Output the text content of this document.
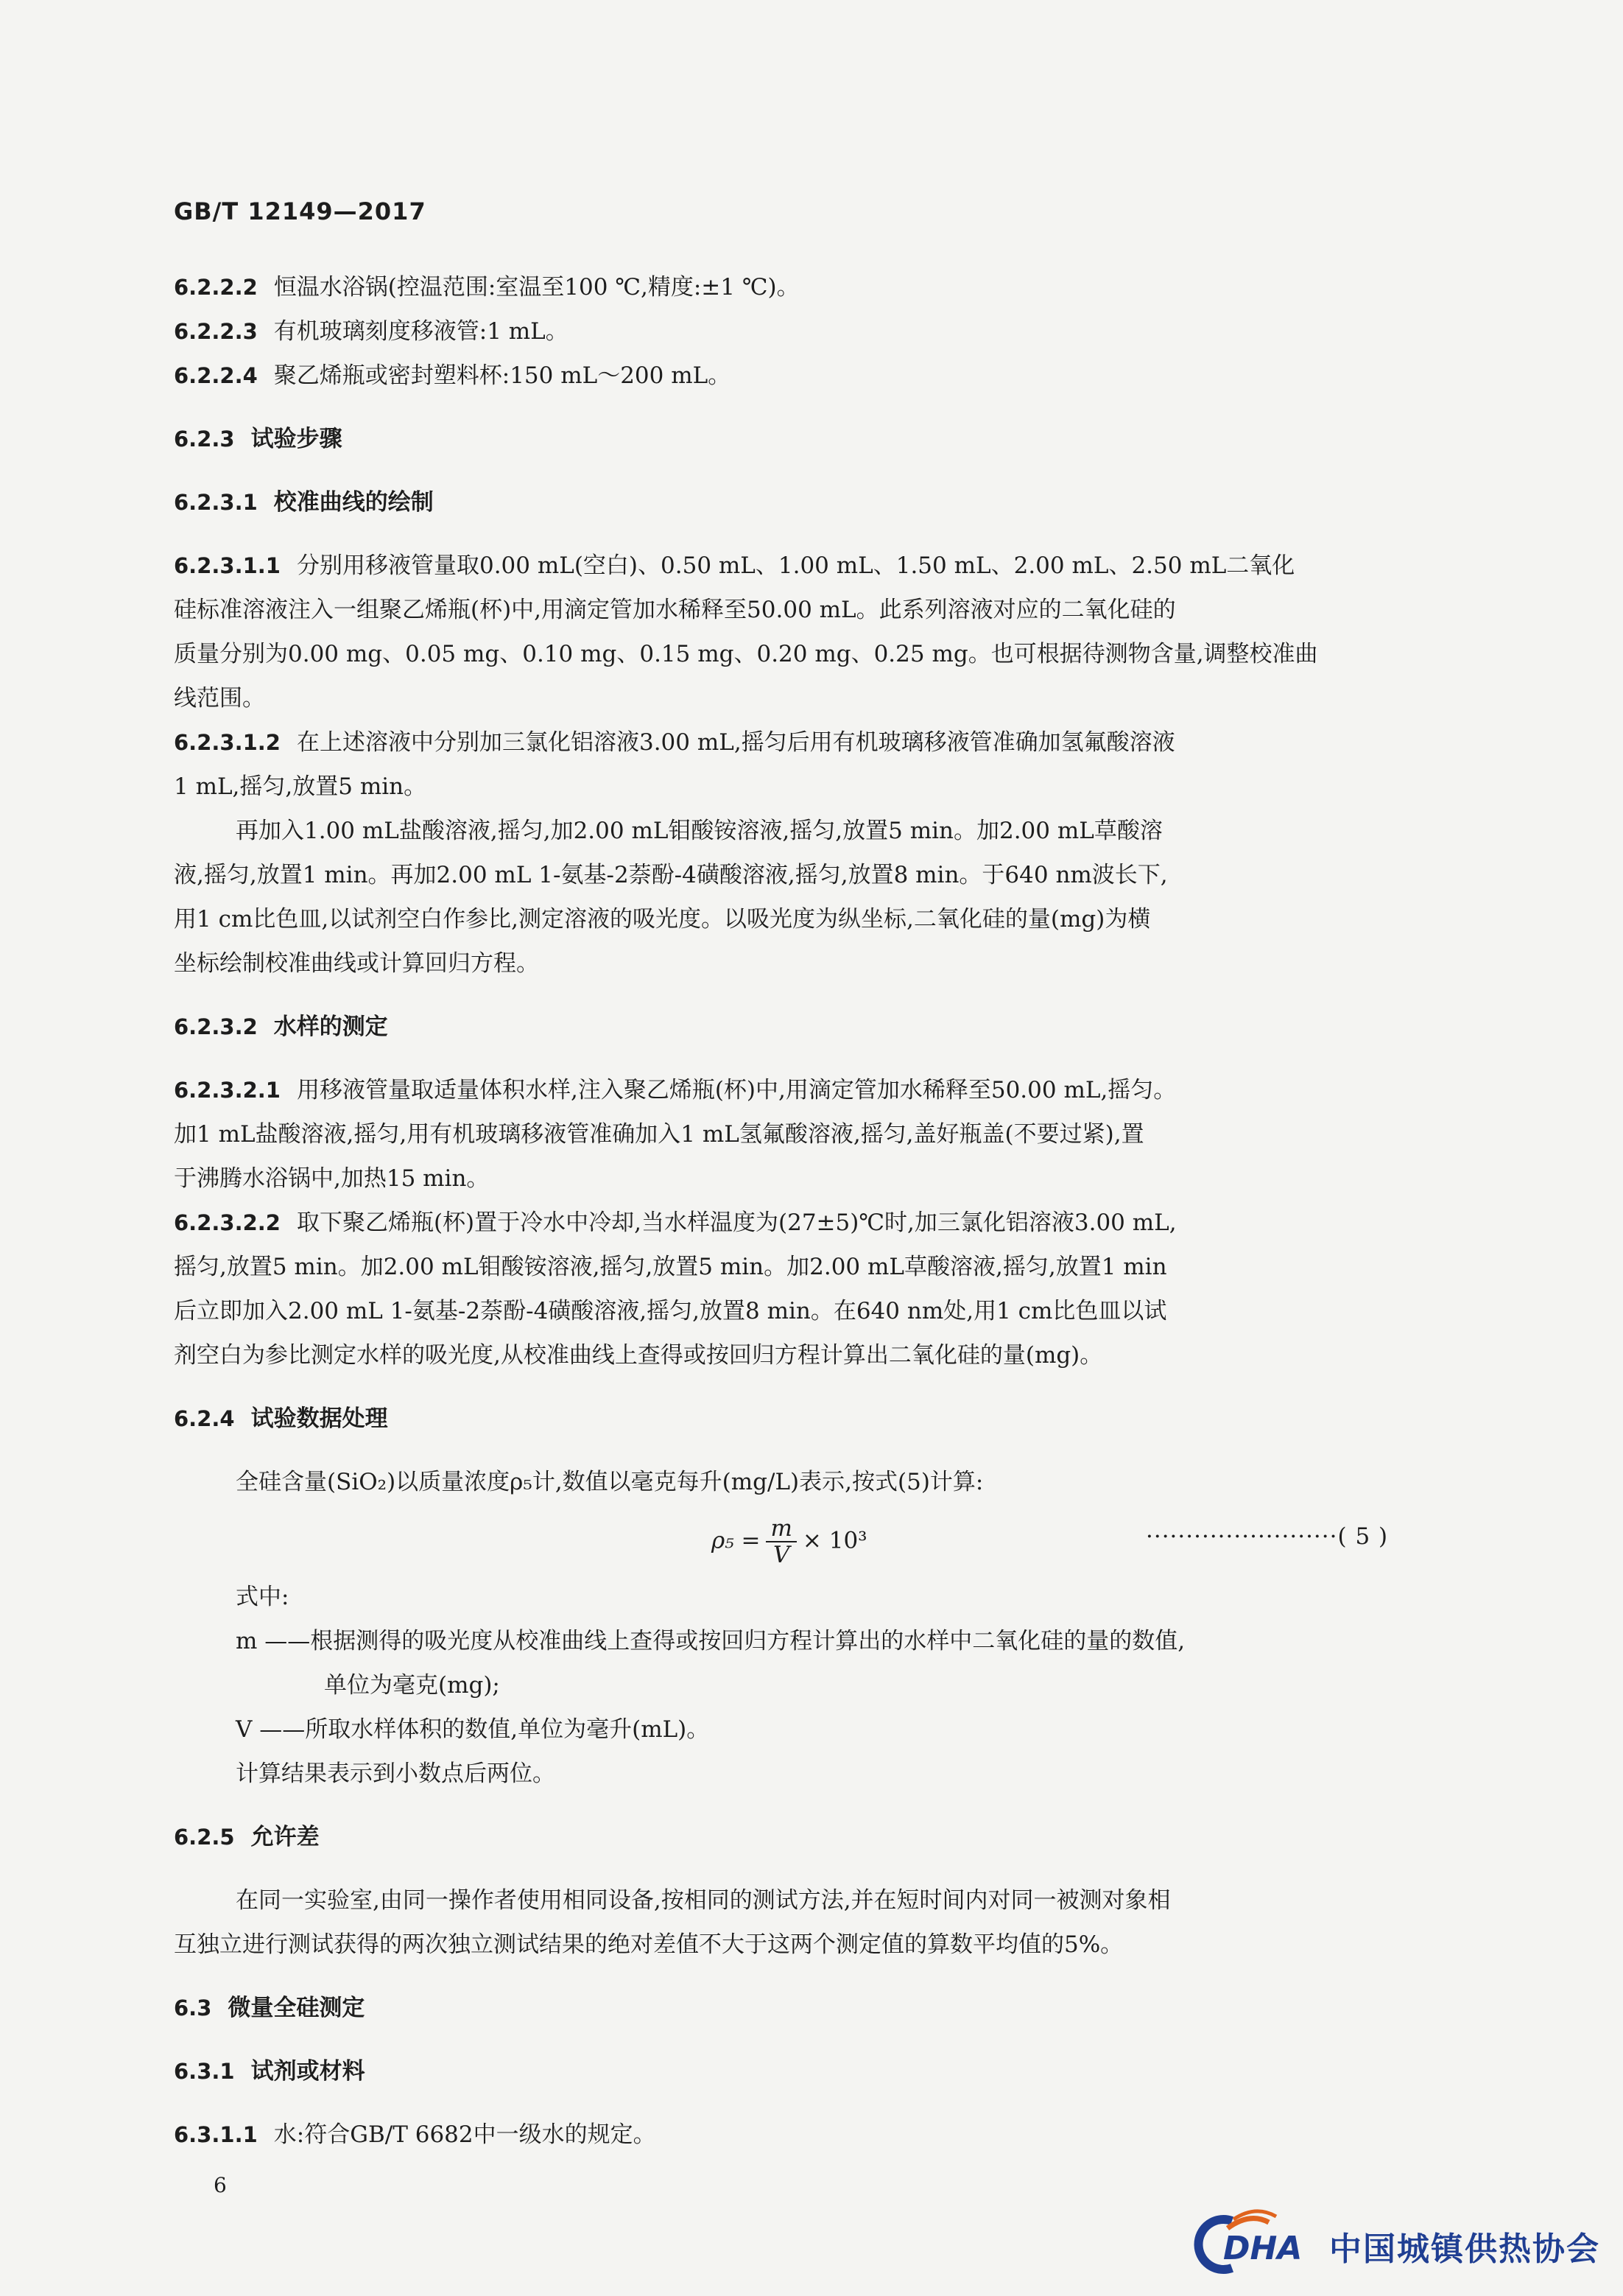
GB/T 12149—2017
6.2.2.2 恒温水浴锅(控温范围:室温至100 ℃,精度:±1 ℃)。
6.2.2.3 有机玻璃刻度移液管:1 mL。
6.2.2.4 聚乙烯瓶或密封塑料杯:150 mL～200 mL。
6.2.3 试验步骤
6.2.3.1 校准曲线的绘制
6.2.3.1.1 分别用移液管量取0.00 mL(空白)、0.50 mL、1.00 mL、1.50 mL、2.00 mL、2.50 mL二氧化
硅标准溶液注入一组聚乙烯瓶(杯)中,用滴定管加水稀释至50.00 mL。此系列溶液对应的二氧化硅的
质量分别为0.00 mg、0.05 mg、0.10 mg、0.15 mg、0.20 mg、0.25 mg。也可根据待测物含量,调整校准曲
线范围。
6.2.3.1.2 在上述溶液中分别加三氯化铝溶液3.00 mL,摇匀后用有机玻璃移液管准确加氢氟酸溶液
1 mL,摇匀,放置5 min。
再加入1.00 mL盐酸溶液,摇匀,加2.00 mL钼酸铵溶液,摇匀,放置5 min。加2.00 mL草酸溶
液,摇匀,放置1 min。再加2.00 mL 1-氨基-2萘酚-4磺酸溶液,摇匀,放置8 min。于640 nm波长下,
用1 cm比色皿,以试剂空白作参比,测定溶液的吸光度。以吸光度为纵坐标,二氧化硅的量(mg)为横
坐标绘制校准曲线或计算回归方程。
6.2.3.2 水样的测定
6.2.3.2.1 用移液管量取适量体积水样,注入聚乙烯瓶(杯)中,用滴定管加水稀释至50.00 mL,摇匀。
加1 mL盐酸溶液,摇匀,用有机玻璃移液管准确加入1 mL氢氟酸溶液,摇匀,盖好瓶盖(不要过紧),置
于沸腾水浴锅中,加热15 min。
6.2.3.2.2 取下聚乙烯瓶(杯)置于冷水中冷却,当水样温度为(27±5)℃时,加三氯化铝溶液3.00 mL,
摇匀,放置5 min。加2.00 mL钼酸铵溶液,摇匀,放置5 min。加2.00 mL草酸溶液,摇匀,放置1 min
后立即加入2.00 mL 1-氨基-2萘酚-4磺酸溶液,摇匀,放置8 min。在640 nm处,用1 cm比色皿以试
剂空白为参比测定水样的吸光度,从校准曲线上查得或按回归方程计算出二氧化硅的量(mg)。
6.2.4 试验数据处理
全硅含量(SiO₂)以质量浓度ρ₅计,数值以毫克每升(mg/L)表示,按式(5)计算:
$\rho_5 = \frac{m}{V} \times 10^3$	························( 5 )
式中:
m ——根据测得的吸光度从校准曲线上查得或按回归方程计算出的水样中二氧化硅的量的数值,
单位为毫克(mg);
V ——所取水样体积的数值,单位为毫升(mL)。
计算结果表示到小数点后两位。
6.2.5 允许差
在同一实验室,由同一操作者使用相同设备,按相同的测试方法,并在短时间内对同一被测对象相
互独立进行测试获得的两次独立测试结果的绝对差值不大于这两个测定值的算数平均值的5%。
6.3 微量全硅测定
6.3.1 试剂或材料
6.3.1.1 水:符合GB/T 6682中一级水的规定。
6
DHA 中国城镇供热协会
